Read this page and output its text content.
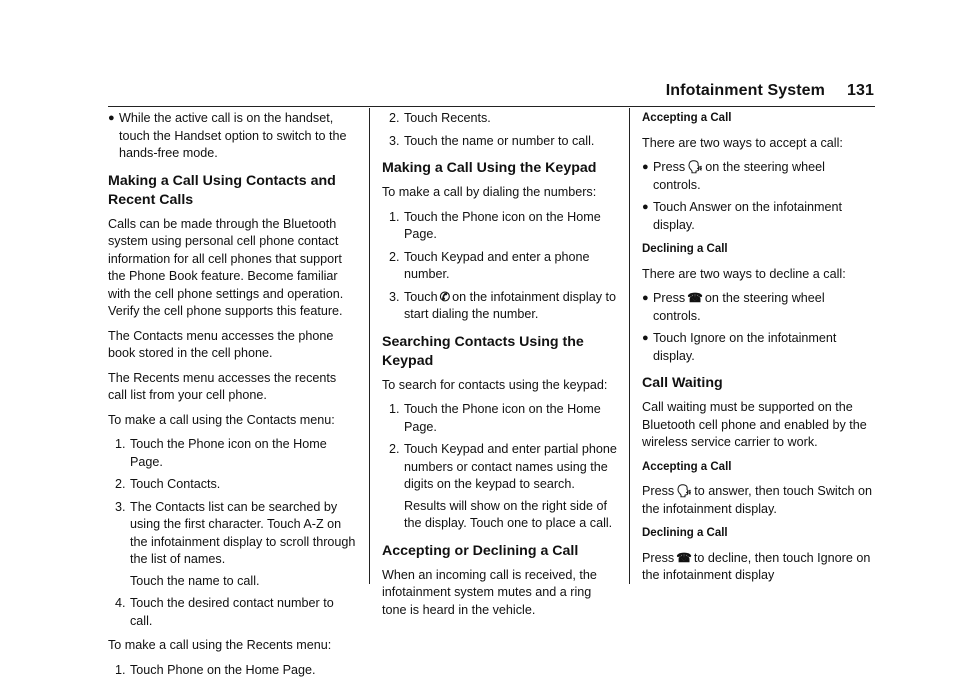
Infotainment System 131
● While the active call is on the handset, touch the Handset option to switch to the hands-free mode.
Making a Call Using Contacts and Recent Calls

Calls can be made through the Bluetooth system using personal cell phone contact information for all cell phones that support the Phone Book feature. Become familiar with the cell phone settings and operation. Verify the cell phone supports this feature.

The Contacts menu accesses the phone book stored in the cell phone.

The Recents menu accesses the recents call list from your cell phone.

To make a call using the Contacts menu:

1. Touch the Phone icon on the Home Page.
2. Touch Contacts.
3. The Contacts list can be searched by using the first character. Touch A-Z on the infotainment display to scroll through the list of names.
Touch the name to call.
4. Touch the desired contact number to call.

To make a call using the Recents menu:

1. Touch Phone on the Home Page.
2. Touch Recents.
3. Touch the name or number to call.
Making a Call Using the Keypad

To make a call by dialing the numbers:

1. Touch the Phone icon on the Home Page.
2. Touch Keypad and enter a phone number.
3. Touch ✆ on the infotainment display to start dialing the number.
Searching Contacts Using the Keypad

To search for contacts using the keypad:

1. Touch the Phone icon on the Home Page.
2. Touch Keypad and enter partial phone numbers or contact names using the digits on the keypad to search.
Results will show on the right side of the display. Touch one to place a call.
Accepting or Declining a Call

When an incoming call is received, the infotainment system mutes and a ring tone is heard in the vehicle.

Accepting a Call

There are two ways to accept a call:

● Press 🗣︎ on the steering wheel controls.
● Touch Answer on the infotainment display.

Declining a Call

There are two ways to decline a call:

● Press ☎ on the steering wheel controls.
● Touch Ignore on the infotainment display.
Call Waiting

Call waiting must be supported on the Bluetooth cell phone and enabled by the wireless service carrier to work.

Accepting a Call

Press 🗣︎ to answer, then touch Switch on the infotainment display.

Declining a Call

Press ☎ to decline, then touch Ignore on the infotainment display
